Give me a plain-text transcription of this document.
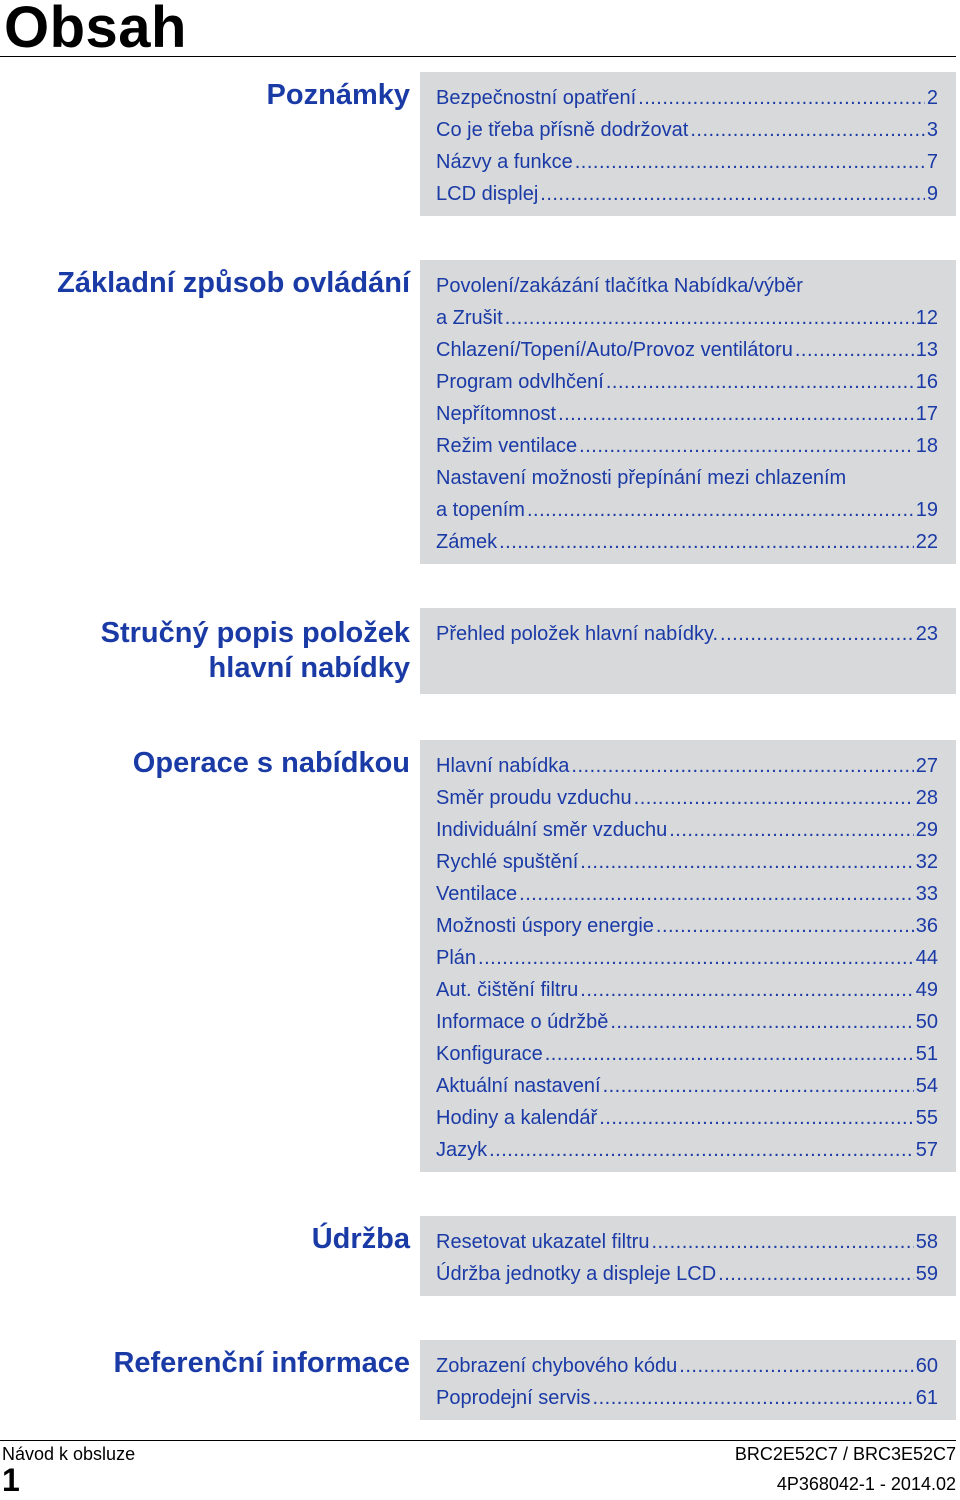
Obsah
Poznámky Bezpečnostní opatření .....	2
Co je třeba přísně dodržovat .....	3
Názvy a funkce .....	7
LCD displej .....	9
Základní způsob ovládání Povolení/zakázání tlačítka Nabídka/výběr
a Zrušit .....	12
Chlazení/Topení/Auto/Provoz ventilátoru .....	13
Program odvlhčení .....	16
Nepřítomnost .....	17
Režim ventilace .....	18
Nastavení možnosti přepínání mezi chlazením
a topením .....	19
Zámek .....	22
Stručný popis položek
hlavní nabídky
Přehled položek hlavní nabídky. .....	23
Operace s nabídkou Hlavní nabídka .....	27
Směr proudu vzduchu .....	28
Individuální směr vzduchu .....	29
Rychlé spuštění .....	32
Ventilace .....	33
Možnosti úspory energie .....	36
Plán .....	44
Aut. čištění filtru .....	49
Informace o údržbě .....	50
Konfigurace .....	51
Aktuální nastavení .....	54
Hodiny a kalendář .....	55
Jazyk .....	57
Údržba Resetovat ukazatel filtru .....	58
Údržba jednotky a displeje LCD .....	59
Referenční informace Zobrazení chybového kódu .....	60
Poprodejní servis .....	61
Návod k obsluze
1
BRC2E52C7 / BRC3E52C7
4P368042-1 - 2014.02
